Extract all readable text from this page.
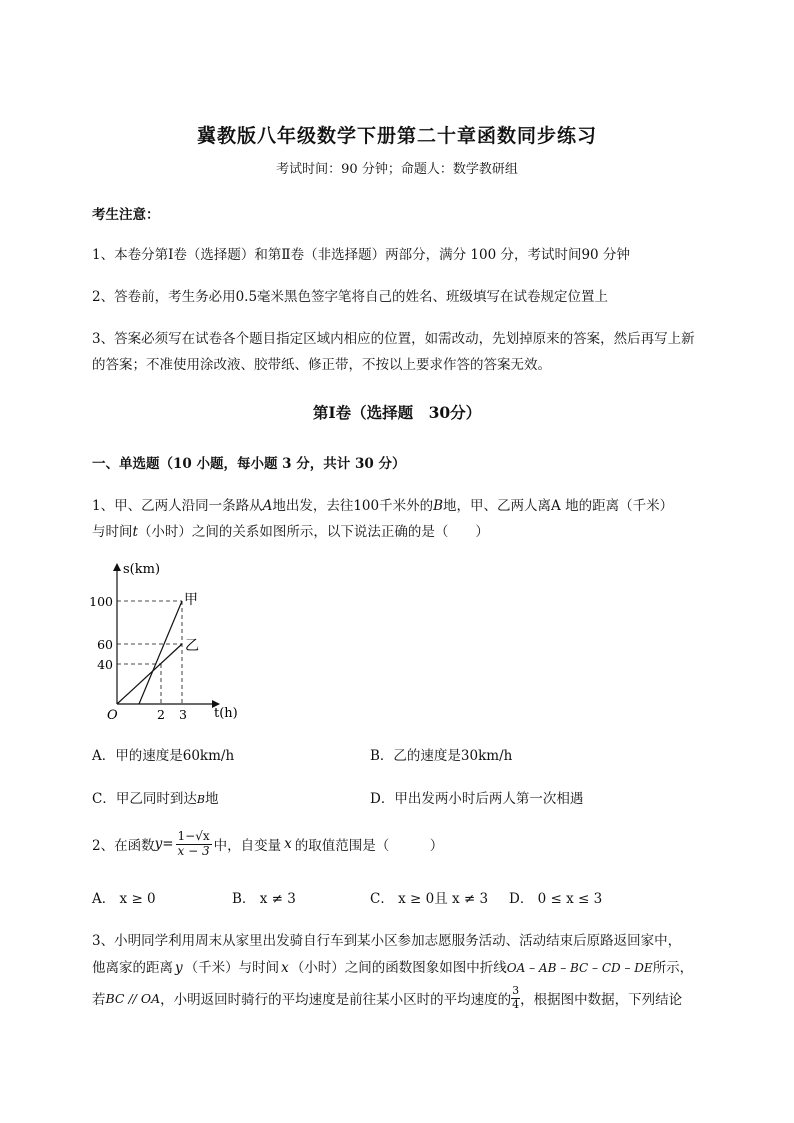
冀教版八年级数学下册第二十章函数同步练习
考试时间：90 分钟；命题人：数学教研组
考生注意：
1、本卷分第Ⅰ卷（选择题）和第Ⅱ卷（非选择题）两部分，满分 100 分，考试时间90 分钟
2、答卷前，考生务必用0.5毫米黑色签字笔将自己的姓名、班级填写在试卷规定位置上
3、答案必须写在试卷各个题目指定区域内相应的位置，如需改动，先划掉原来的答案，然后再写上新
的答案；不准使用涂改液、胶带纸、修正带，不按以上要求作答的答案无效。
第Ⅰ卷（选择题　30分）
一、单选题（10 小题，每小题 3 分，共计 30 分）
1、甲、乙两人沿同一条路从A地出发，去往100千米外的B地，甲、乙两人离A 地的距离（千米）
与时间t（小时）之间的关系如图所示，以下说法正确的是（　　）
s(km)
t(h)
O
100
60
40
2 3
甲
乙
A．甲的速度是60km/h	B．乙的速度是30km/h
C．甲乙同时到达B地	D．甲出发两小时后两人第一次相遇
2、在函数 $y = \frac{1-√x}{x - 3}$ 中，自变量 x 的取值范围是（　　　）
A． x ≥ 0	B． x ≠ 3	C． x ≥ 0且 x ≠ 3 D． 0 ≤ x ≤ 3
3、小明同学利用周末从家里出发骑自行车到某小区参加志愿服务活动、活动结束后原路返回家中，
他离家的距离 y （千米）与时间 x （小时）之间的函数图象如图中折线OA – AB – BC – CD – DE所示，
若 BC // OA ，小明返回时骑行的平均速度是前往某小区时的平均速度的 $\frac{3}{4}$ ，根据图中数据，下列结论
